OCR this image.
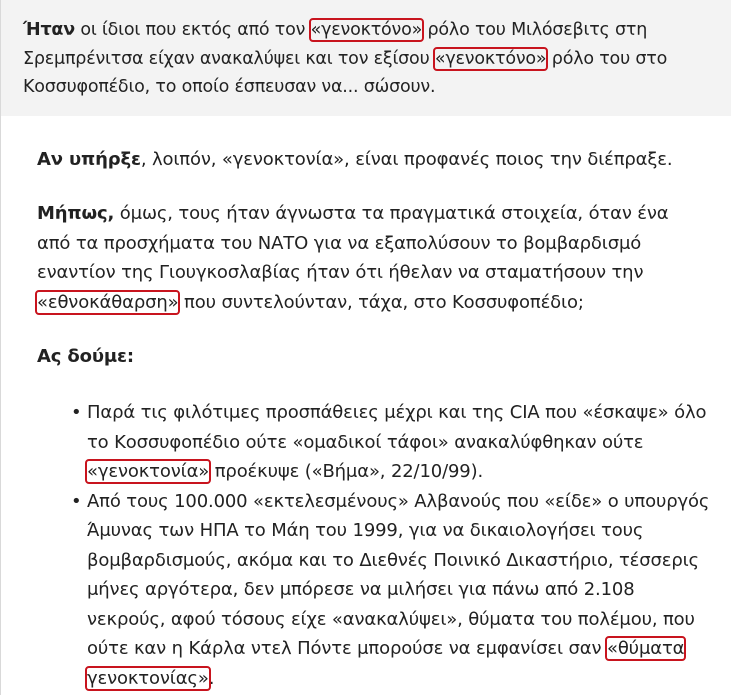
Αν υπήρξε, λοιπόν, «γενοκτονία», είναι προφανές ποιος την διέπραξε.

Μήπως, όμως, τους ήταν άγνωστα τα πραγματικά στοιχεία, όταν ένα από τα προσχήματα του ΝΑΤΟ για να εξαπολύσουν το βομβαρδισμό εναντίον της Γιουγκοσλαβίας ήταν ότι ήθελαν να σταματήσουν την «εθνοκάθαρση» που συντελούνταν, τάχα, στο Κοσσυφοπέδιο;

Ας δούμε:

• Παρά τις φιλότιμες προσπάθειες μέχρι και της CIA που «έσκαψε» όλο το Κοσσυφοπέδιο ούτε «ομαδικοί τάφοι» ανακαλύφθηκαν ούτε «γενοκτονία» προέκυψε («Βήμα», 22/10/99).
• Από τους 100.000 «εκτελεσμένους» Αλβανούς που «είδε» ο υπουργός Άμυνας των ΗΠΑ το Μάη του 1999, για να δικαιολογήσει τους βομβαρδισμούς, ακόμα και το Διεθνές Ποινικό Δικαστήριο, τέσσερις μήνες αργότερα, δεν μπόρεσε να μιλήσει για πάνω από 2.108 νεκρούς, αφού τόσους είχε «ανακαλύψει», θύματα του πολέμου, που ούτε καν η Κάρλα ντελ Πόντε μπορούσε να εμφανίσει σαν «θύματα γενοκτονίας».
Ήταν οι ίδιοι που εκτός από τον «γενοκτόνο» ρόλο του Μιλόσεβιτς στη Σρεμπρένιτσα είχαν ανακαλύψει και τον εξίσου «γενοκτόνο» ρόλο του στο Κοσσυφοπέδιο, το οποίο έσπευσαν να... σώσουν.
